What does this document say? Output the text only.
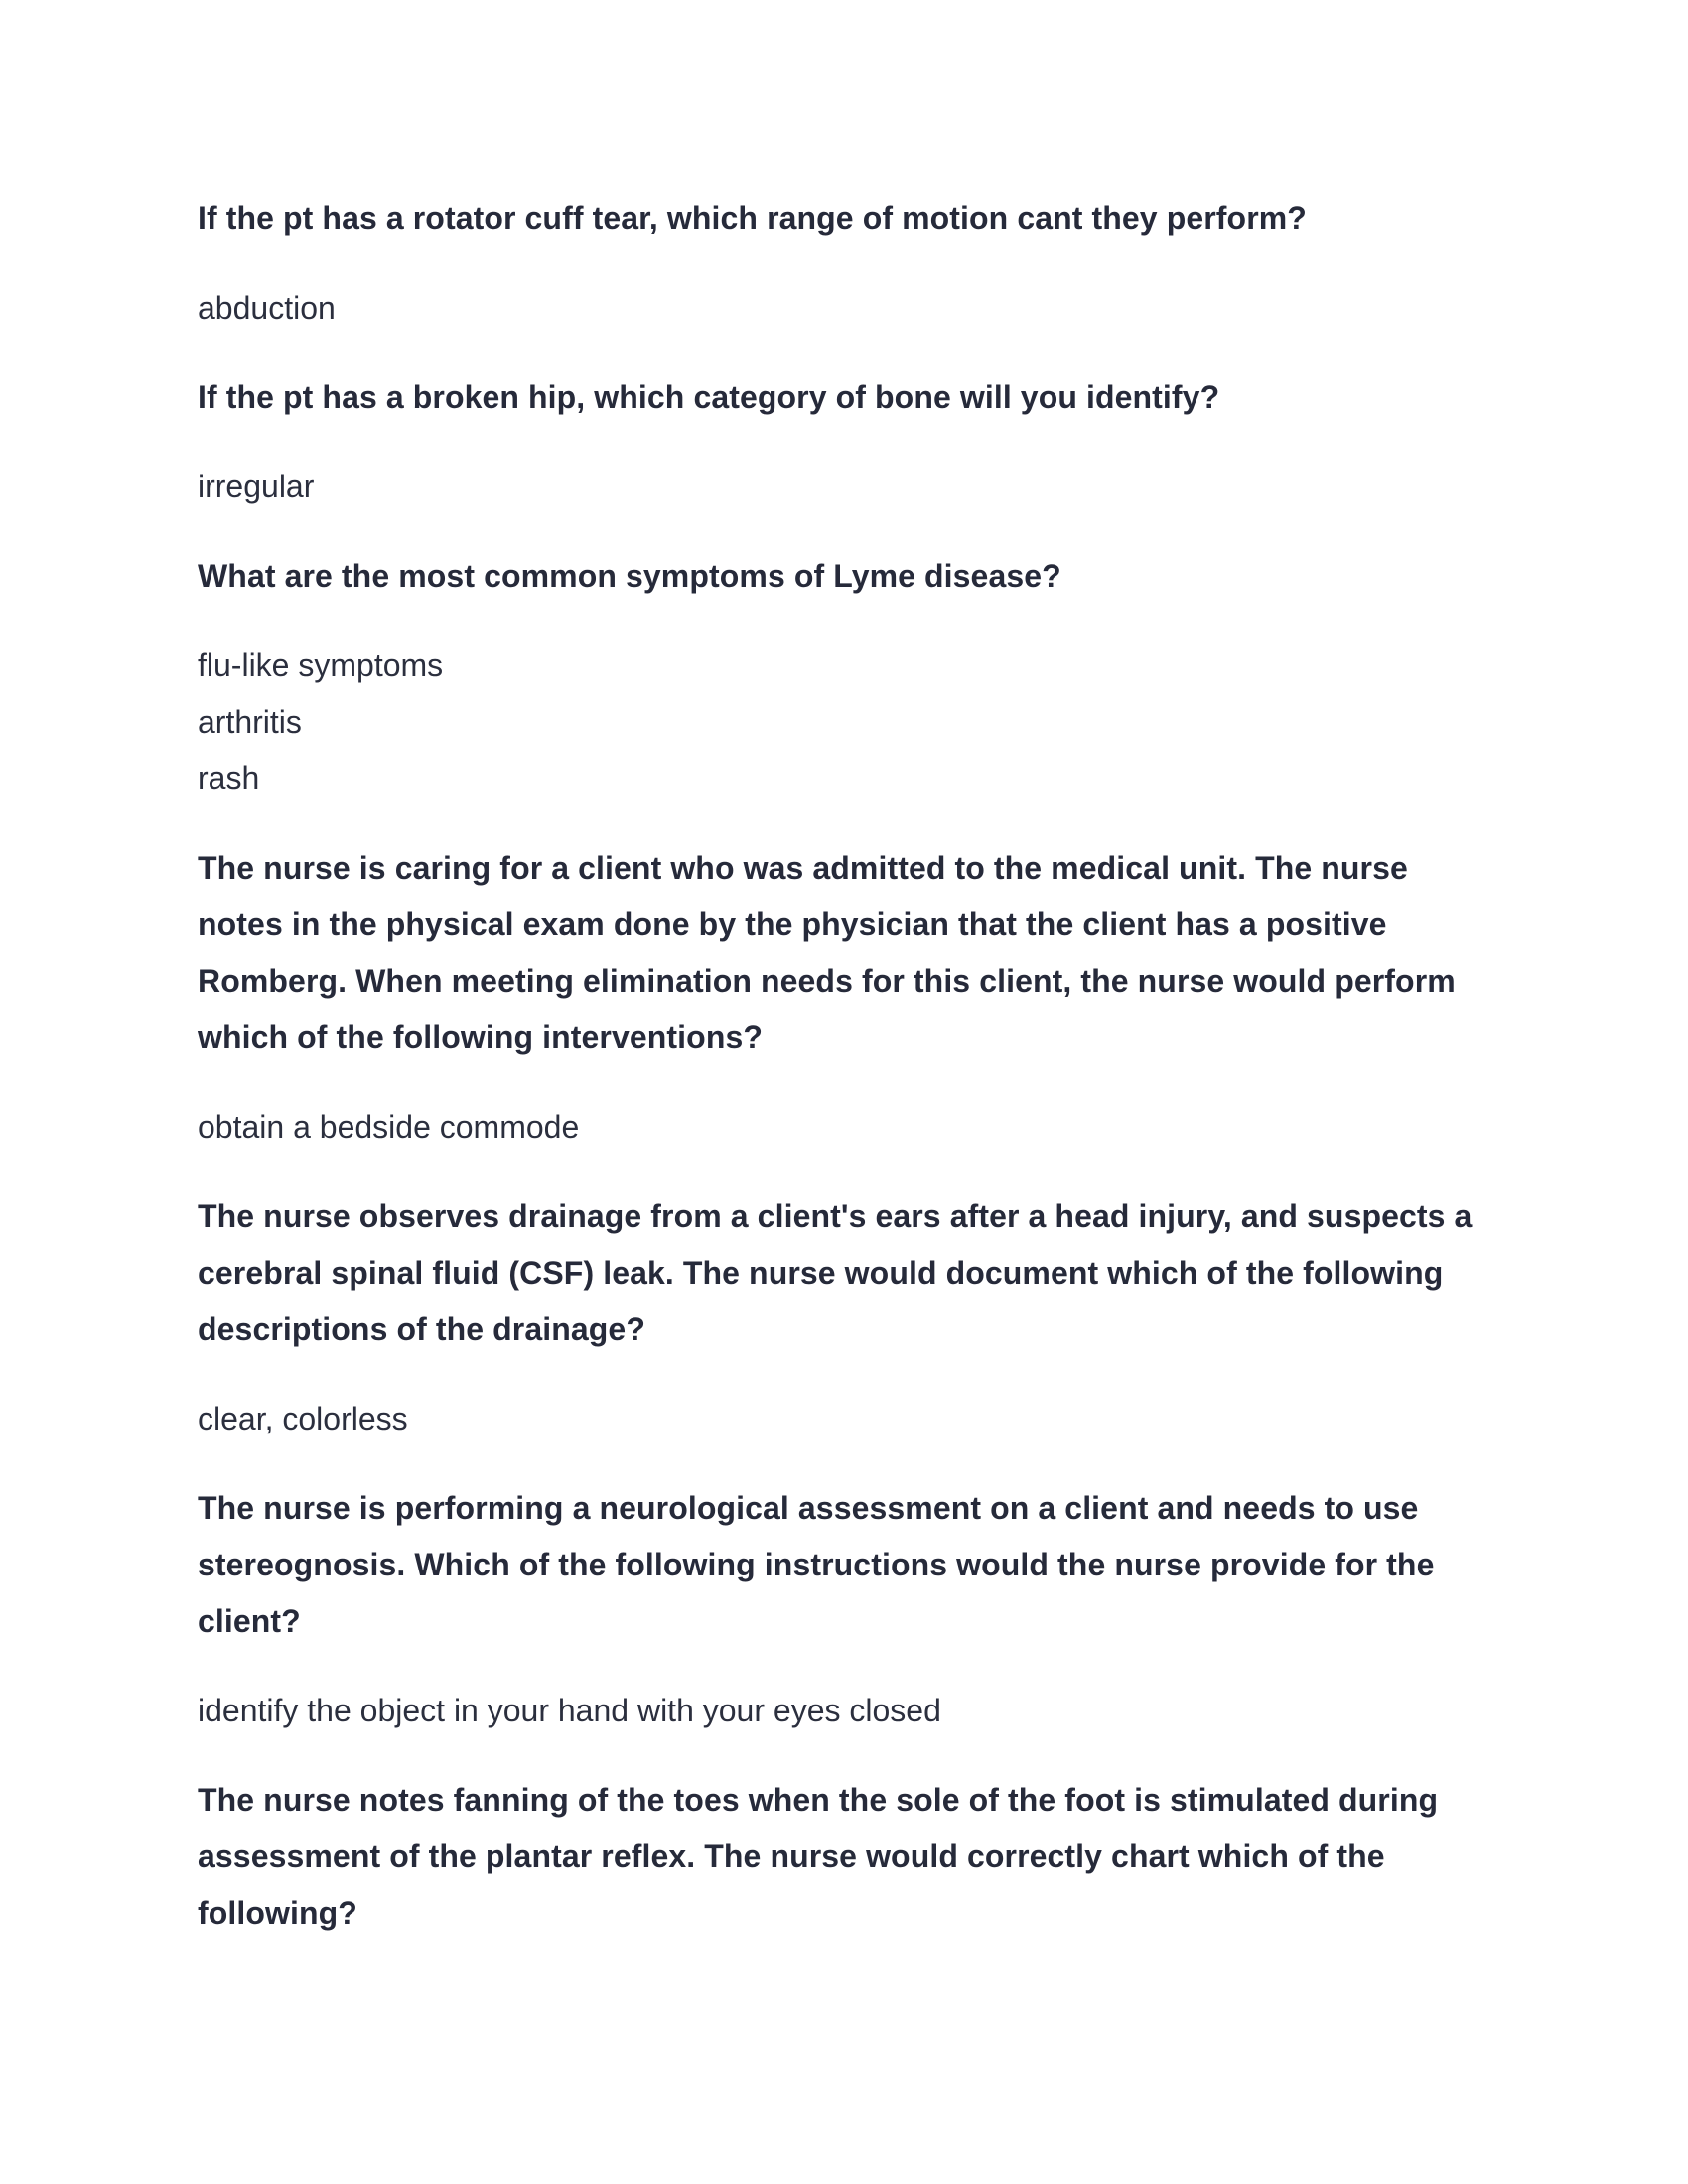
If the pt has a rotator cuff tear, which range of motion cant they perform?

abduction

If the pt has a broken hip, which category of bone will you identify?

irregular

What are the most common symptoms of Lyme disease?

flu-like symptoms
arthritis
rash

The nurse is caring for a client who was admitted to the medical unit. The nurse notes in the physical exam done by the physician that the client has a positive Romberg. When meeting elimination needs for this client, the nurse would perform which of the following interventions?

obtain a bedside commode

The nurse observes drainage from a client's ears after a head injury, and suspects a cerebral spinal fluid (CSF) leak. The nurse would document which of the following descriptions of the drainage?

clear, colorless

The nurse is performing a neurological assessment on a client and needs to use stereognosis. Which of the following instructions would the nurse provide for the client?

identify the object in your hand with your eyes closed

The nurse notes fanning of the toes when the sole of the foot is stimulated during assessment of the plantar reflex. The nurse would correctly chart which of the following?
